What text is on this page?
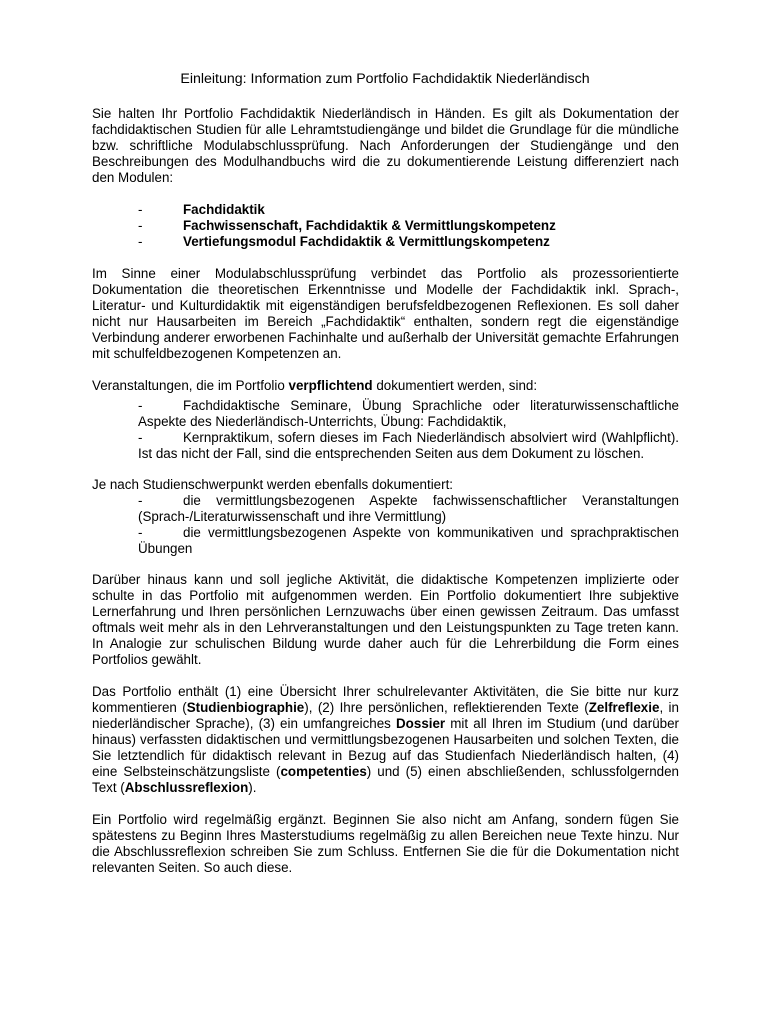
Einleitung: Information zum Portfolio Fachdidaktik Niederländisch

Sie halten Ihr Portfolio Fachdidaktik Niederländisch in Händen. Es gilt als Dokumentation der fachdidaktischen Studien für alle Lehramtstudiengänge und bildet die Grundlage für die mündliche bzw. schriftliche Modulabschlussprüfung. Nach Anforderungen der Studiengänge und den Beschreibungen des Modulhandbuchs wird die zu dokumentierende Leistung differenziert nach den Modulen:

-	Fachdidaktik
-	Fachwissenschaft, Fachdidaktik & Vermittlungskompetenz
-	Vertiefungsmodul Fachdidaktik & Vermittlungskompetenz

Im Sinne einer Modulabschlussprüfung verbindet das Portfolio als prozessorientierte Dokumentation die theoretischen Erkenntnisse und Modelle der Fachdidaktik inkl. Sprach-, Literatur- und Kulturdidaktik mit eigenständigen berufsfeldbezogenen Reflexionen. Es soll daher nicht nur Hausarbeiten im Bereich „Fachdidaktik“ enthalten, sondern regt die eigenständige Verbindung anderer erworbenen Fachinhalte und außerhalb der Universität gemachte Erfahrungen mit schulfeldbezogenen Kompetenzen an.

Veranstaltungen, die im Portfolio verpflichtend dokumentiert werden, sind:

-	Fachdidaktische Seminare, Übung Sprachliche oder literaturwissenschaftliche Aspekte des Niederländisch-Unterrichts, Übung: Fachdidaktik,

-	Kernpraktikum, sofern dieses im Fach Niederländisch absolviert wird (Wahlpflicht). Ist das nicht der Fall, sind die entsprechenden Seiten aus dem Dokument zu löschen.

Je nach Studienschwerpunkt werden ebenfalls dokumentiert:

-	die vermittlungsbezogenen Aspekte fachwissenschaftlicher Veranstaltungen (Sprach-/Literaturwissenschaft und ihre Vermittlung)

-	die vermittlungsbezogenen Aspekte von kommunikativen und sprachpraktischen Übungen

Darüber hinaus kann und soll jegliche Aktivität, die didaktische Kompetenzen implizierte oder schulte in das Portfolio mit aufgenommen werden. Ein Portfolio dokumentiert Ihre subjektive Lernerfahrung und Ihren persönlichen Lernzuwachs über einen gewissen Zeitraum. Das umfasst oftmals weit mehr als in den Lehrveranstaltungen und den Leistungspunkten zu Tage treten kann. In Analogie zur schulischen Bildung wurde daher auch für die Lehrerbildung die Form eines Portfolios gewählt.

Das Portfolio enthält (1) eine Übersicht Ihrer schulrelevanter Aktivitäten, die Sie bitte nur kurz kommentieren (Studienbiographie), (2) Ihre persönlichen, reflektierenden Texte (Zelfreflexie, in niederländischer Sprache), (3) ein umfangreiches Dossier mit all Ihren im Studium (und darüber hinaus) verfassten didaktischen und vermittlungsbezogenen Hausarbeiten und solchen Texten, die Sie letztendlich für didaktisch relevant in Bezug auf das Studienfach Niederländisch halten, (4) eine Selbsteinschätzungsliste (competenties) und (5) einen abschließenden, schlussfolgernden Text (Abschlussreflexion).

Ein Portfolio wird regelmäßig ergänzt. Beginnen Sie also nicht am Anfang, sondern fügen Sie spätestens zu Beginn Ihres Masterstudiums regelmäßig zu allen Bereichen neue Texte hinzu. Nur die Abschlussreflexion schreiben Sie zum Schluss. Entfernen Sie die für die Dokumentation nicht relevanten Seiten. So auch diese.
